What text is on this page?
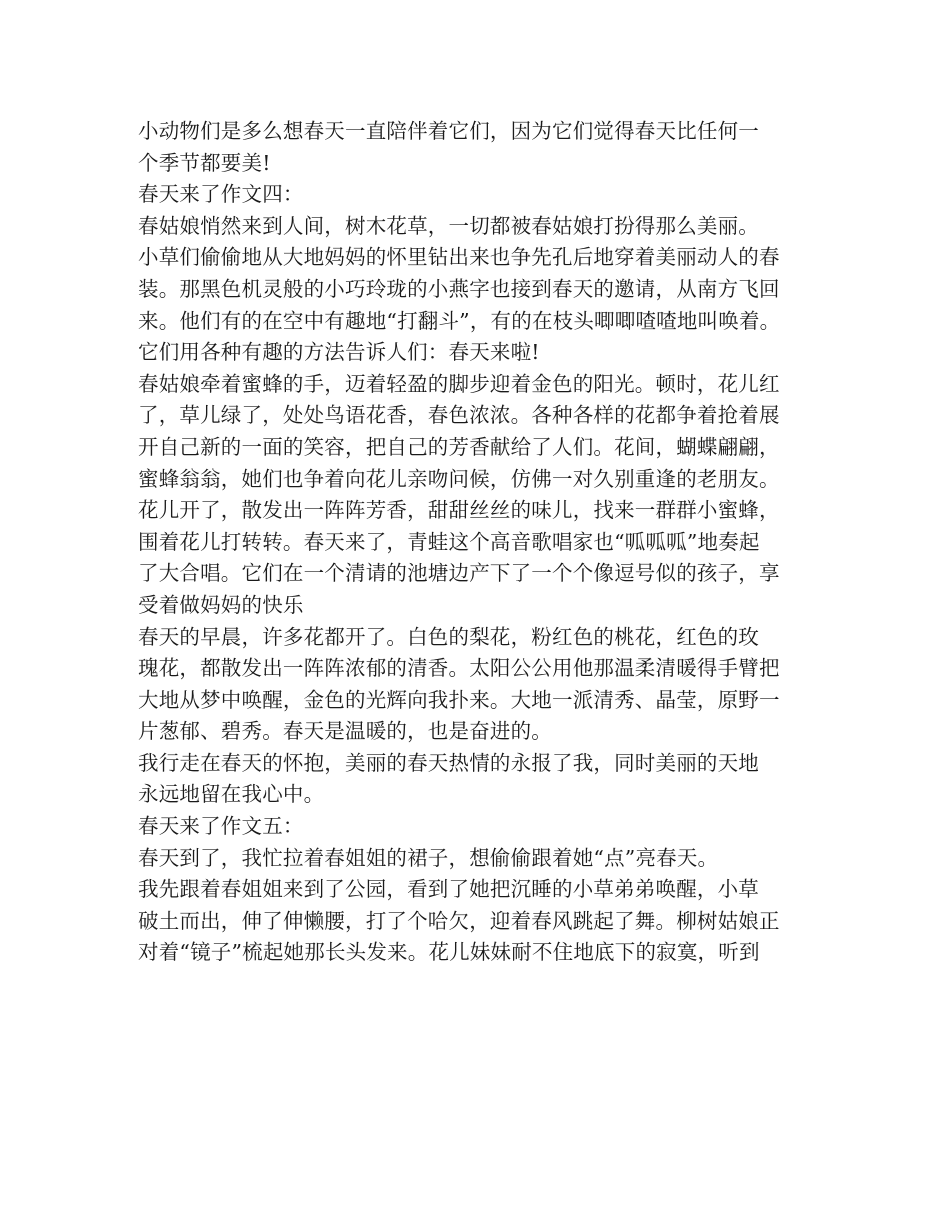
小动物们是多么想春天一直陪伴着它们，因为它们觉得春天比任何一
个季节都要美!
春天来了作文四：
春姑娘悄然来到人间，树木花草，一切都被春姑娘打扮得那么美丽。
小草们偷偷地从大地妈妈的怀里钻出来也争先孔后地穿着美丽动人的春
装。那黑色机灵般的小巧玲珑的小燕字也接到春天的邀请，从南方飞回
来。他们有的在空中有趣地“打翻斗”，有的在枝头唧唧喳喳地叫唤着。
它们用各种有趣的方法告诉人们：春天来啦!
春姑娘牵着蜜蜂的手，迈着轻盈的脚步迎着金色的阳光。顿时，花儿红
了，草儿绿了，处处鸟语花香，春色浓浓。各种各样的花都争着抢着展
开自己新的一面的笑容，把自己的芳香献给了人们。花间，蝴蝶翩翩，
蜜蜂翁翁，她们也争着向花儿亲吻问候，仿佛一对久别重逢的老朋友。
花儿开了，散发出一阵阵芳香，甜甜丝丝的味儿，找来一群群小蜜蜂，
围着花儿打转转。春天来了，青蛙这个高音歌唱家也“呱呱呱”地奏起
了大合唱。它们在一个清请的池塘边产下了一个个像逗号似的孩子，享
受着做妈妈的快乐
春天的早晨，许多花都开了。白色的梨花，粉红色的桃花，红色的玫
瑰花，都散发出一阵阵浓郁的清香。太阳公公用他那温柔清暖得手臂把
大地从梦中唤醒，金色的光辉向我扑来。大地一派清秀、晶莹，原野一
片葱郁、碧秀。春天是温暖的，也是奋进的。
我行走在春天的怀抱，美丽的春天热情的永报了我，同时美丽的天地
永远地留在我心中。
春天来了作文五：
春天到了，我忙拉着春姐姐的裙子，想偷偷跟着她“点”亮春天。
我先跟着春姐姐来到了公园，看到了她把沉睡的小草弟弟唤醒，小草
破土而出，伸了伸懒腰，打了个哈欠，迎着春风跳起了舞。柳树姑娘正
对着“镜子”梳起她那长头发来。花儿妹妹耐不住地底下的寂寞，听到
